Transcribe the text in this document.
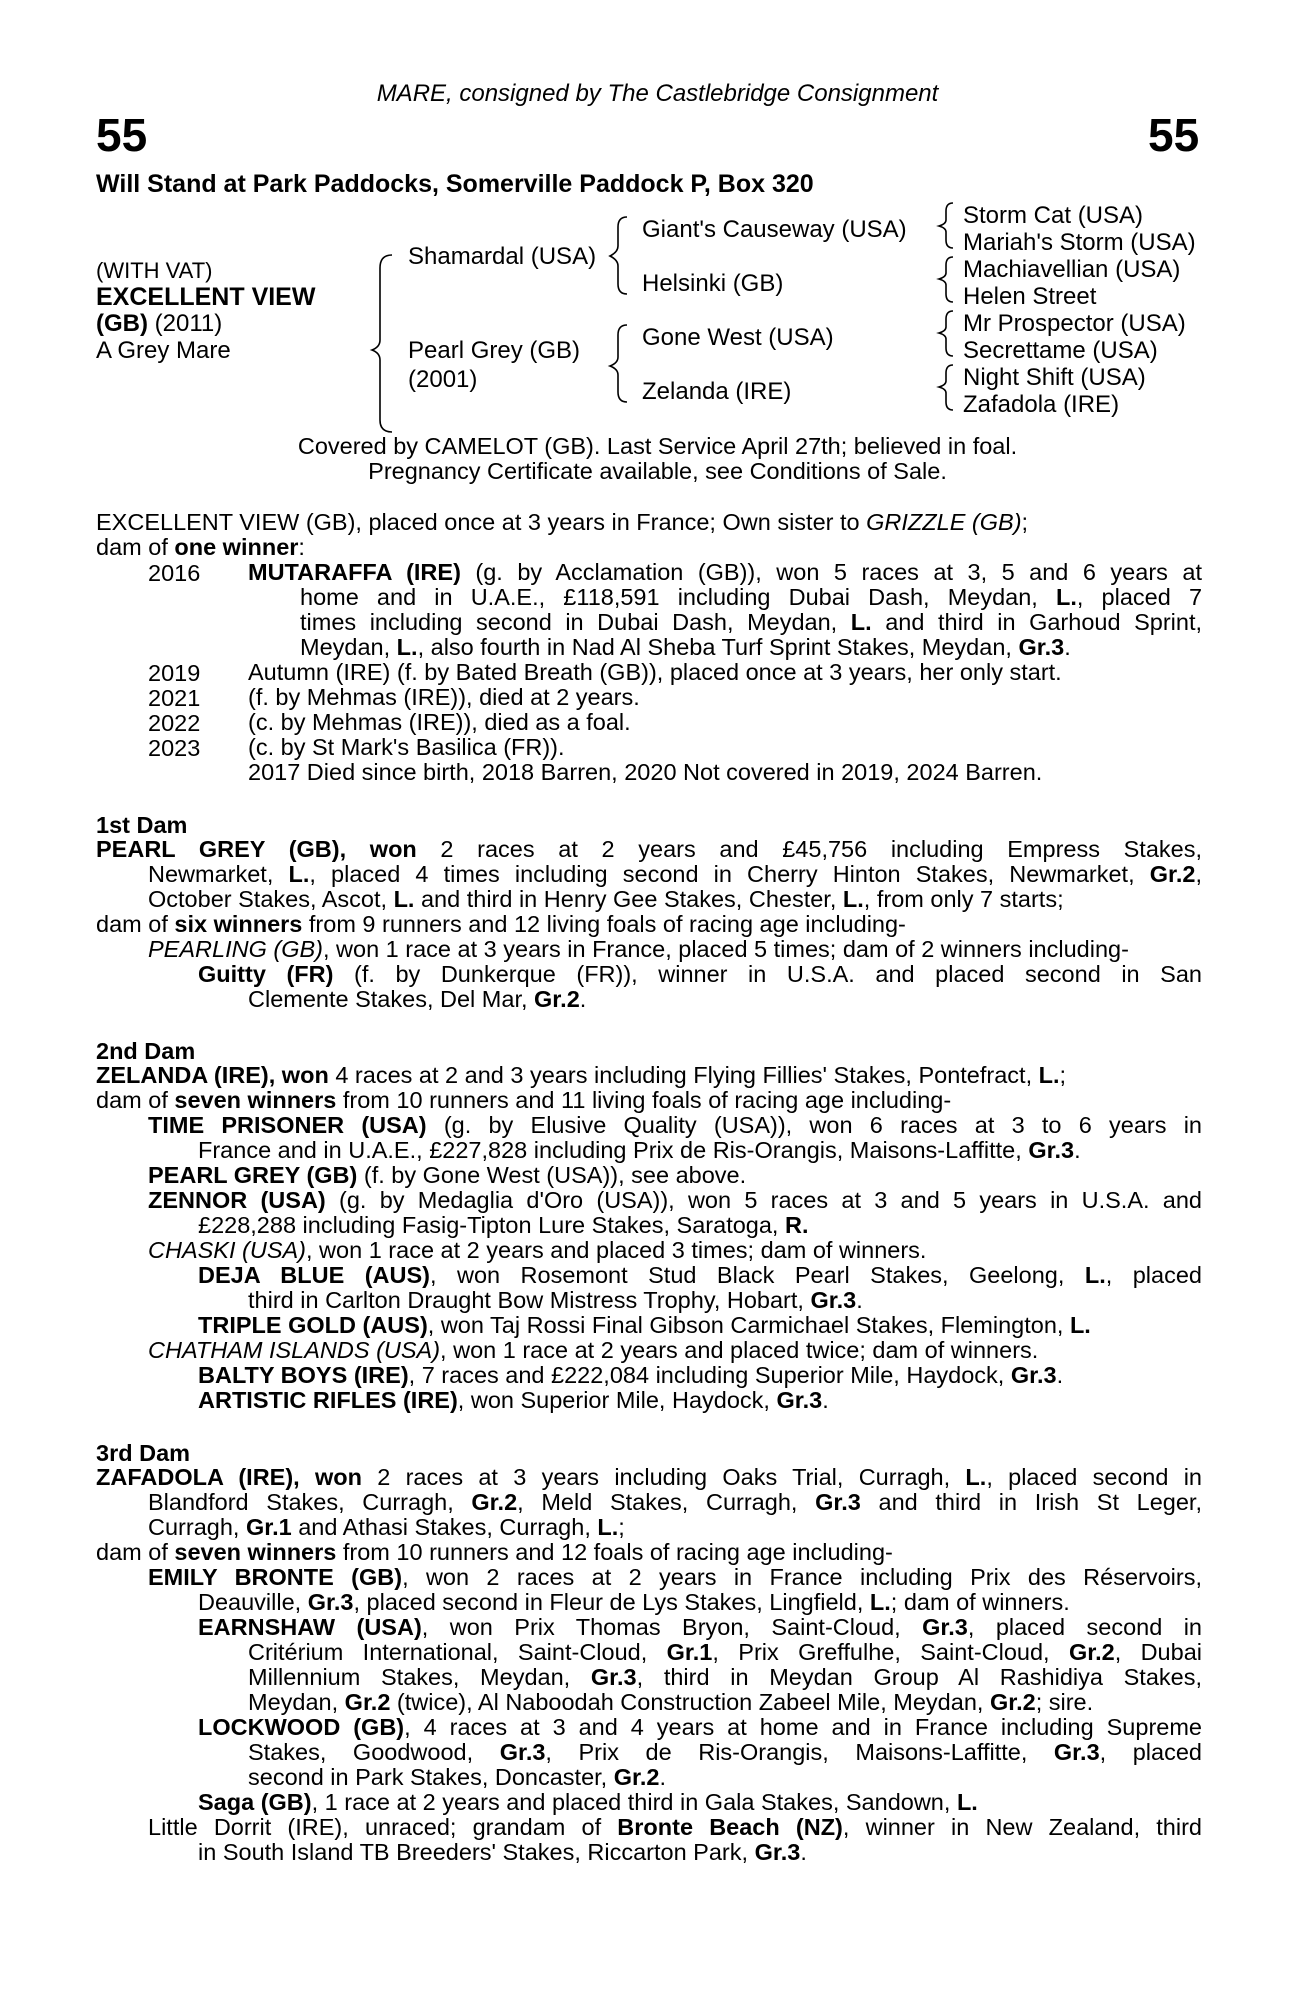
MARE, consigned by The Castlebridge Consignment
55	55
Will Stand at Park Paddocks, Somerville Paddock P, Box 320
(WITH VAT)
EXCELLENT VIEW
(GB) (2011)
A Grey Mare
Shamardal (USA)
Pearl Grey (GB)
(2001)
Giant's Causeway (USA)
Helsinki (GB)
Gone West (USA)
Zelanda (IRE)
Storm Cat (USA)
Mariah's Storm (USA)
Machiavellian (USA)
Helen Street
Mr Prospector (USA)
Secrettame (USA)
Night Shift (USA)
Zafadola (IRE)
Covered by CAMELOT (GB). Last Service April 27th; believed in foal.
Pregnancy Certificate available, see Conditions of Sale.
EXCELLENT VIEW (GB), placed once at 3 years in France; Own sister to GRIZZLE (GB);
dam of one winner:
2016 MUTARAFFA (IRE) (g. by Acclamation (GB)), won 5 races at 3, 5 and 6 years at
home and in U.A.E., £118,591 including Dubai Dash, Meydan, L., placed 7
times including second in Dubai Dash, Meydan, L. and third in Garhoud Sprint,
Meydan, L., also fourth in Nad Al Sheba Turf Sprint Stakes, Meydan, Gr.3.
2019 Autumn (IRE) (f. by Bated Breath (GB)), placed once at 3 years, her only start.
2021 (f. by Mehmas (IRE)), died at 2 years.
2022 (c. by Mehmas (IRE)), died as a foal.
2023 (c. by St Mark's Basilica (FR)).
2017 Died since birth, 2018 Barren, 2020 Not covered in 2019, 2024 Barren.
1st Dam
PEARL GREY (GB), won 2 races at 2 years and £45,756 including Empress Stakes,
Newmarket, L., placed 4 times including second in Cherry Hinton Stakes, Newmarket, Gr.2,
October Stakes, Ascot, L. and third in Henry Gee Stakes, Chester, L., from only 7 starts;
dam of six winners from 9 runners and 12 living foals of racing age including-
PEARLING (GB), won 1 race at 3 years in France, placed 5 times; dam of 2 winners including-
Guitty (FR) (f. by Dunkerque (FR)), winner in U.S.A. and placed second in San
Clemente Stakes, Del Mar, Gr.2.
2nd Dam
ZELANDA (IRE), won 4 races at 2 and 3 years including Flying Fillies' Stakes, Pontefract, L.;
dam of seven winners from 10 runners and 11 living foals of racing age including-
TIME PRISONER (USA) (g. by Elusive Quality (USA)), won 6 races at 3 to 6 years in
France and in U.A.E., £227,828 including Prix de Ris-Orangis, Maisons-Laffitte, Gr.3.
PEARL GREY (GB) (f. by Gone West (USA)), see above.
ZENNOR (USA) (g. by Medaglia d'Oro (USA)), won 5 races at 3 and 5 years in U.S.A. and
£228,288 including Fasig-Tipton Lure Stakes, Saratoga, R.
CHASKI (USA), won 1 race at 2 years and placed 3 times; dam of winners.
DEJA BLUE (AUS), won Rosemont Stud Black Pearl Stakes, Geelong, L., placed
third in Carlton Draught Bow Mistress Trophy, Hobart, Gr.3.
TRIPLE GOLD (AUS), won Taj Rossi Final Gibson Carmichael Stakes, Flemington, L.
CHATHAM ISLANDS (USA), won 1 race at 2 years and placed twice; dam of winners.
BALTY BOYS (IRE), 7 races and £222,084 including Superior Mile, Haydock, Gr.3.
ARTISTIC RIFLES (IRE), won Superior Mile, Haydock, Gr.3.
3rd Dam
ZAFADOLA (IRE), won 2 races at 3 years including Oaks Trial, Curragh, L., placed second in
Blandford Stakes, Curragh, Gr.2, Meld Stakes, Curragh, Gr.3 and third in Irish St Leger,
Curragh, Gr.1 and Athasi Stakes, Curragh, L.;
dam of seven winners from 10 runners and 12 foals of racing age including-
EMILY BRONTE (GB), won 2 races at 2 years in France including Prix des Réservoirs,
Deauville, Gr.3, placed second in Fleur de Lys Stakes, Lingfield, L.; dam of winners.
EARNSHAW (USA), won Prix Thomas Bryon, Saint-Cloud, Gr.3, placed second in
Critérium International, Saint-Cloud, Gr.1, Prix Greffulhe, Saint-Cloud, Gr.2, Dubai
Millennium Stakes, Meydan, Gr.3, third in Meydan Group Al Rashidiya Stakes,
Meydan, Gr.2 (twice), Al Naboodah Construction Zabeel Mile, Meydan, Gr.2; sire.
LOCKWOOD (GB), 4 races at 3 and 4 years at home and in France including Supreme
Stakes, Goodwood, Gr.3, Prix de Ris-Orangis, Maisons-Laffitte, Gr.3, placed
second in Park Stakes, Doncaster, Gr.2.
Saga (GB), 1 race at 2 years and placed third in Gala Stakes, Sandown, L.
Little Dorrit (IRE), unraced; grandam of Bronte Beach (NZ), winner in New Zealand, third
in South Island TB Breeders' Stakes, Riccarton Park, Gr.3.
